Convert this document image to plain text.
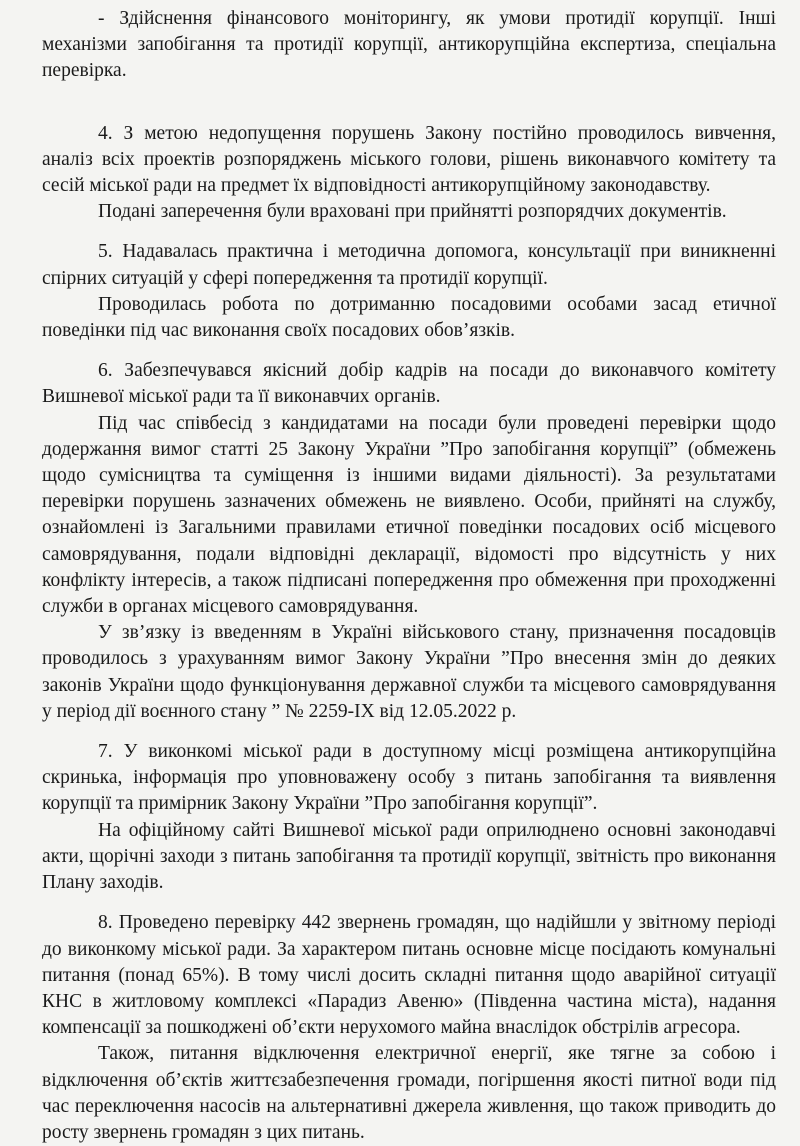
- Здійснення фінансового моніторингу, як умови протидії корупції. Інші механізми запобігання та протидії корупції, антикорупційна експертиза, спеціальна перевірка.

4. З метою недопущення порушень Закону постійно проводилось вивчення, аналіз всіх проектів розпоряджень міського голови, рішень виконавчого комітету та сесій міської ради на предмет їх відповідності антикорупційному законодавству.

Подані заперечення були враховані при прийнятті розпорядчих документів.

5. Надавалась практична і методична допомога, консультації при виникненні спірних ситуацій у сфері попередження та протидії корупції.

Проводилась робота по дотриманню посадовими особами засад етичної поведінки під час виконання своїх посадових обов’язків.

6. Забезпечувався якісний добір кадрів на посади до виконавчого комітету Вишневої міської ради та її виконавчих органів.

Під час співбесід з кандидатами на посади були проведені перевірки щодо додержання вимог статті 25 Закону України ”Про запобігання корупції” (обмежень щодо сумісництва та суміщення із іншими видами діяльності). За результатами перевірки порушень зазначених обмежень не виявлено. Особи, прийняті на службу, ознайомлені із Загальними правилами етичної поведінки посадових осіб місцевого самоврядування, подали відповідні декларації, відомості про відсутність у них конфлікту інтересів, а також підписані попередження про обмеження при проходженні служби в органах місцевого самоврядування.

У зв’язку із введенням в Україні військового стану, призначення посадовців проводилось з урахуванням вимог Закону України ”Про внесення змін до деяких законів України щодо функціонування державної служби та місцевого самоврядування у період дії воєнного стану ” № 2259-ІХ від 12.05.2022 р.

7. У виконкомі міської ради в доступному місці розміщена антикорупційна скринька, інформація про уповноважену особу з питань запобігання та виявлення корупції та примірник Закону України ”Про запобігання корупції”.

На офіційному сайті Вишневої міської ради оприлюднено основні законодавчі акти, щорічні заходи з питань запобігання та протидії корупції, звітність про виконання Плану заходів.

8. Проведено перевірку 442 звернень громадян, що надійшли у звітному періоді до виконкому міської ради. За характером питань основне місце посідають комунальні питання (понад 65%). В тому числі досить складні питання щодо аварійної ситуації КНС в житловому комплексі «Парадиз Авеню» (Південна частина міста), надання компенсації за пошкоджені об’єкти нерухомого майна внаслідок обстрілів агресора.

Також, питання відключення електричної енергії, яке тягне за собою і відключення об’єктів життєзабезпечення громади, погіршення якості питної води під час переключення насосів на альтернативні джерела живлення, що також приводить до росту звернень громадян з цих питань.
